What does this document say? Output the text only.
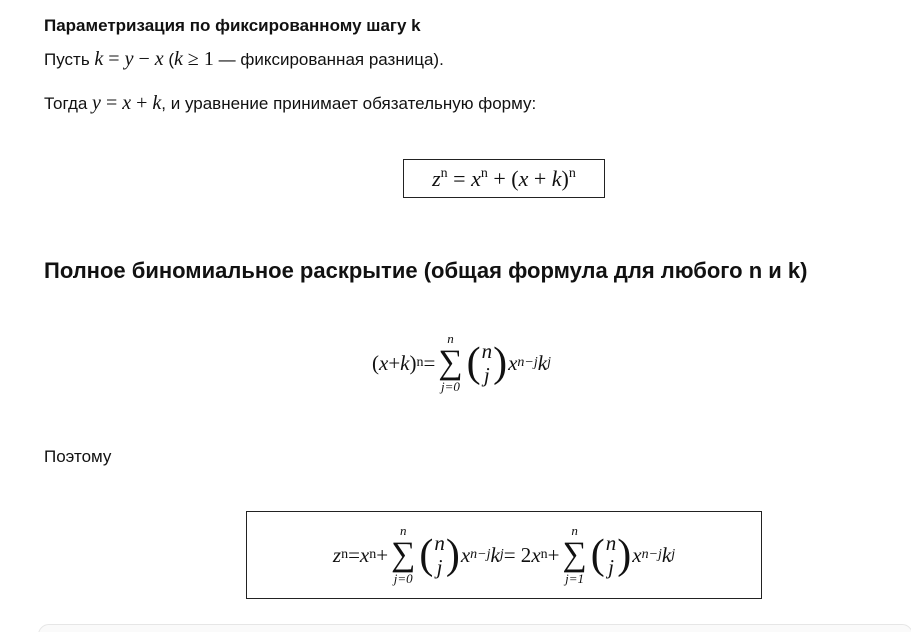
Параметризация по фиксированному шагу k
Пусть k = y − x (k ≥ 1 — фиксированная разница).
Тогда y = x + k, и уравнение принимает обязательную форму:
$z^n = x^n + (x + k)^n$
Полное биномиальное раскрытие (общая формула для любого n и k)
( x + k ) n =
n
∑
j=0
( n
j ) x n−j k j
Поэтому
z n = x n +
n
∑
j=0
( n
j ) x n−j k j = 2 x n +
n
∑
j=1
( n
j ) x n−j k j
